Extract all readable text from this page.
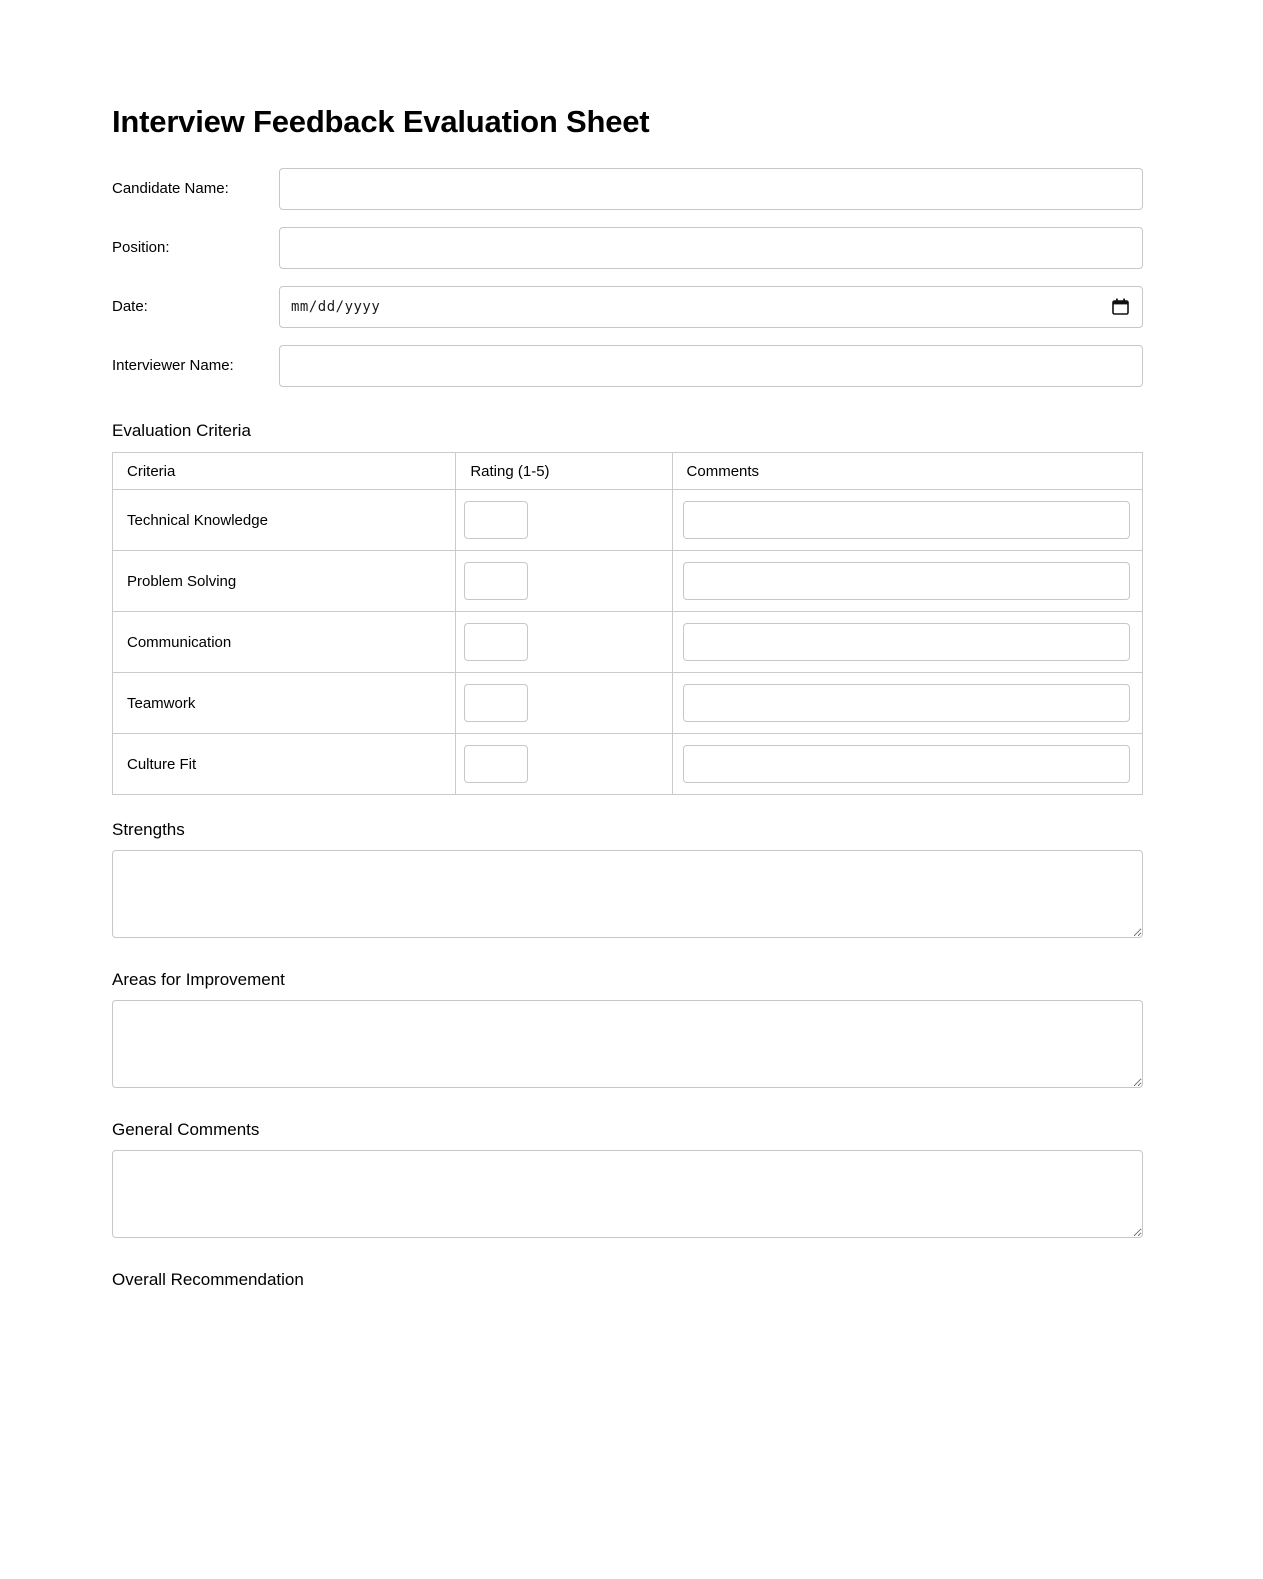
Interview Feedback Evaluation Sheet
Candidate Name:
Position:
Date:	mm/dd/yyyy
Interviewer Name:
Evaluation Criteria
Criteria	Rating (1-5)	Comments
Technical Knowledge		
Problem Solving		
Communication		
Teamwork		
Culture Fit		
Strengths
Areas for Improvement
General Comments
Overall Recommendation
